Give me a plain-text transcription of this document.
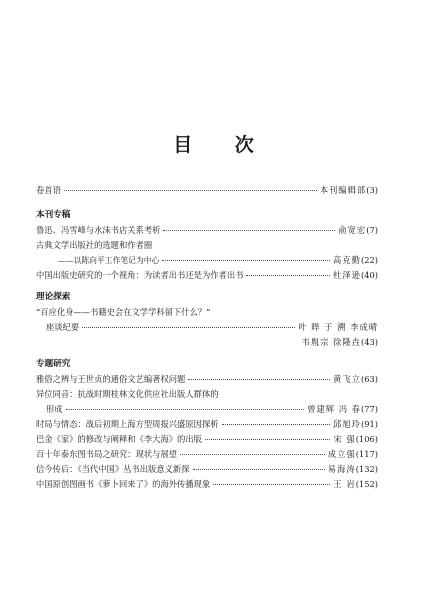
目 次
卷首语	本刊编辑部 (3)
本刊专稿
鲁迅、冯雪峰与水沫书店关系考析	俞宽宏 (7)
古典文学出版社的选题和作者圈
——以陈向平工作笔记为中心	高克勤 (22)
中国出版史研究的一个视角：为读者出书还是为作者出书	杜泽逊 (40)
理论探索
“百应化身——书籍史会在文学学科留下什么？”
座谈纪要	叶 晔 于 溯 李成晴
韦胤宗 徐隆垚 (43)
专题研究
雅俗之辨与王世贞的通俗文艺编著权问题	黄飞立 (63)
异位同音：抗战时期桂林文化供应社出版人群体的
形成	曾建辉 冯 春 (77)
时局与情态：战后初期上海方型周报兴盛原因探析	邱旭玲 (91)
巴金《家》的修改与阐释和《李大海》的出版	宋 强 (106)
百十年泰东图书局之研究：现状与展望	成立强 (117)
信今传后：《当代中国》丛书出版意义新探	易海涛 (132)
中国原创图画书《萝卜回来了》的海外传播现象	王 岩 (152)
